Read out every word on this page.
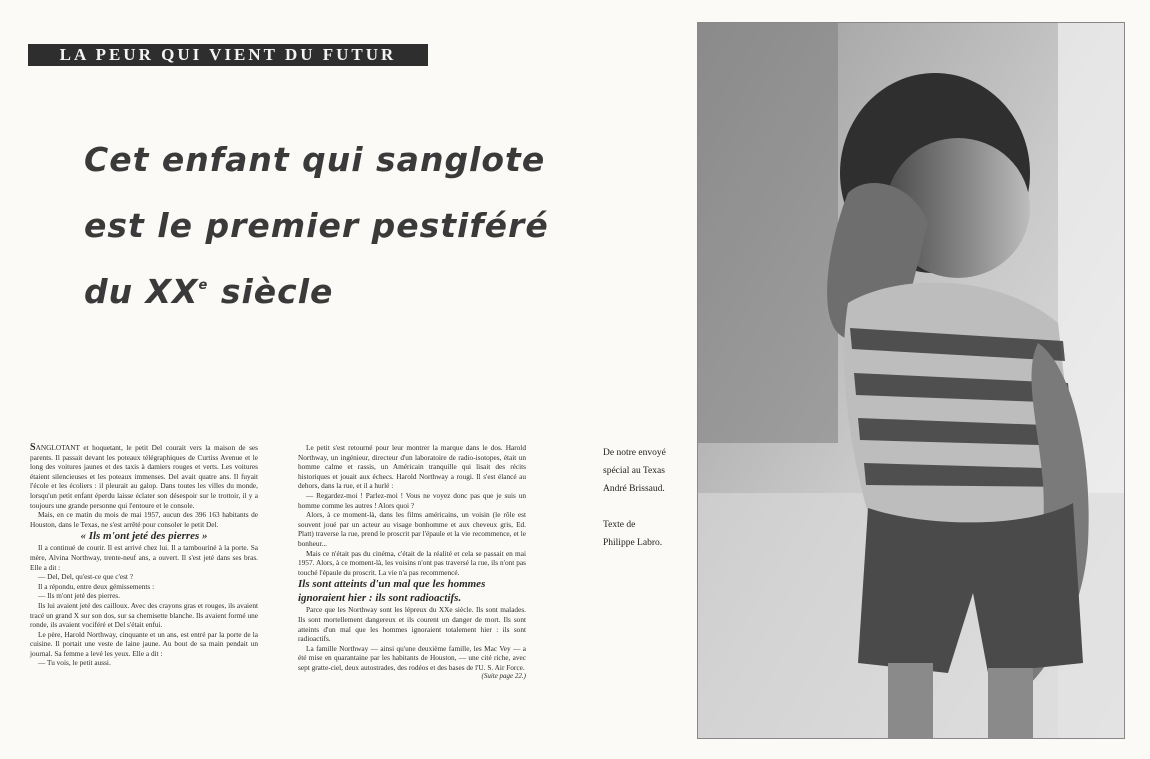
LA PEUR QUI VIENT DU FUTUR
Cet enfant qui sanglote
est le premier pestiféré
du XXe siècle

SANGLOTANT et hoquetant, le petit Del courait vers la maison de ses parents. Il passait devant les poteaux télégraphiques de Curtiss Avenue et le long des voitures jaunes et des taxis à damiers rouges et verts. Les voitures étaient silencieuses et les poteaux immenses. Del avait quatre ans. Il fuyait l'école et les écoliers : il pleurait au galop. Dans toutes les villes du monde, lorsqu'un petit enfant éperdu laisse éclater son désespoir sur le trottoir, il y a toujours une grande personne qui l'entoure et le console.

Mais, en ce matin du mois de mai 1957, aucun des 396 163 habitants de Houston, dans le Texas, ne s'est arrêté pour consoler le petit Del.

« Ils m'ont jeté des pierres »

Il a continué de courir. Il est arrivé chez lui. Il a tambouriné à la porte. Sa mère, Alvina Northway, trente-neuf ans, a ouvert. Il s'est jeté dans ses bras. Elle a dit :

— Del, Del, qu'est-ce que c'est ?

Il a répondu, entre deux gémissements :

— Ils m'ont jeté des pierres.

Ils lui avaient jeté des cailloux. Avec des crayons gras et rouges, ils avaient tracé un grand X sur son dos, sur sa chemisette blanche. Ils avaient formé une ronde, ils avaient vociféré et Del s'était enfui.

Le père, Harold Northway, cinquante et un ans, est entré par la porte de la cuisine. Il portait une veste de laine jaune. Au bout de sa main pendait un journal. Sa femme a levé les yeux. Elle a dit :

— Tu vois, le petit aussi.

Le petit s'est retourné pour leur montrer la marque dans le dos. Harold Northway, un ingénieur, directeur d'un laboratoire de radio-isotopes, était un homme calme et rassis, un Américain tranquille qui lisait des récits historiques et jouait aux échecs. Harold Northway a rougi. Il s'est élancé au dehors, dans la rue, et il a hurlé :

— Regardez-moi ! Parlez-moi ! Vous ne voyez donc pas que je suis un homme comme les autres ! Alors quoi ?

Alors, à ce moment-là, dans les films américains, un voisin (le rôle est souvent joué par un acteur au visage bonhomme et aux cheveux gris, Ed. Platt) traverse la rue, prend le proscrit par l'épaule et la vie recommence, et le bonheur...

Mais ce n'était pas du cinéma, c'était de la réalité et cela se passait en mai 1957. Alors, à ce moment-là, les voisins n'ont pas traversé la rue, ils n'ont pas touché l'épaule du proscrit. La vie n'a pas recommencé.

Ils sont atteints d'un mal que les hommes ignoraient hier : ils sont radioactifs.

Parce que les Northway sont les lépreux du XXe siècle. Ils sont malades. Ils sont mortellement dangereux et ils courent un danger de mort. Ils sont atteints d'un mal que les hommes ignoraient totalement hier : ils sont radioactifs.

La famille Northway — ainsi qu'une deuxième famille, les Mac Vey — a été mise en quarantaine par les habitants de Houston, — une cité riche, avec sept gratte-ciel, deux autostrades, des rodéos et des bases de l'U. S. Air Force.

(Suite page 22.)

De notre envoyé
spécial au Texas
André Brissaud.
Texte de
Philippe Labro.
